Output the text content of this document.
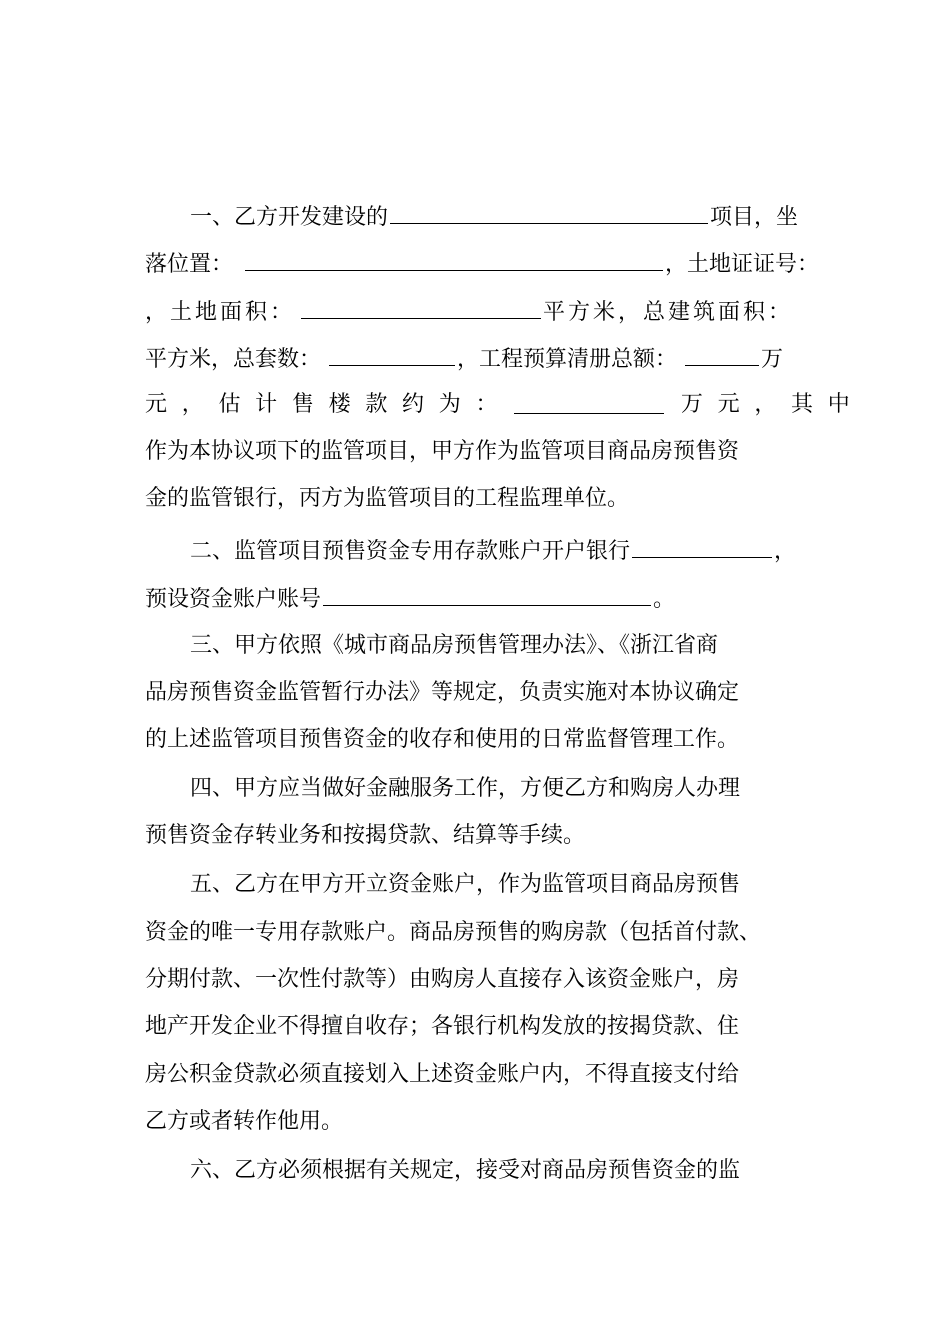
一、乙方开发建设的	项目，坐
落位置：	，土地证证号：
，土地面积：	平方米，总建筑面积：
平方米，总套数：	，工程预算清册总额：	万
元 ， 估 计 售 楼 款 约 为 ：	万 元 ， 其 中
作为本协议项下的监管项目，甲方作为监管项目商品房预售资
金的监管银行，丙方为监管项目的工程监理单位。
二、监管项目预售资金专用存款账户开户银行	，
预设资金账户账号	。
三、甲方依照《城市商品房预售管理办法》、《浙江省商
品房预售资金监管暂行办法》等规定，负责实施对本协议确定
的上述监管项目预售资金的收存和使用的日常监督管理工作。
四、甲方应当做好金融服务工作，方便乙方和购房人办理
预售资金存转业务和按揭贷款、结算等手续。
五、乙方在甲方开立资金账户，作为监管项目商品房预售
资金的唯一专用存款账户。商品房预售的购房款（包括首付款、
分期付款、一次性付款等）由购房人直接存入该资金账户，房
地产开发企业不得擅自收存；各银行机构发放的按揭贷款、住
房公积金贷款必须直接划入上述资金账户内，不得直接支付给
乙方或者转作他用。
六、乙方必须根据有关规定，接受对商品房预售资金的监
